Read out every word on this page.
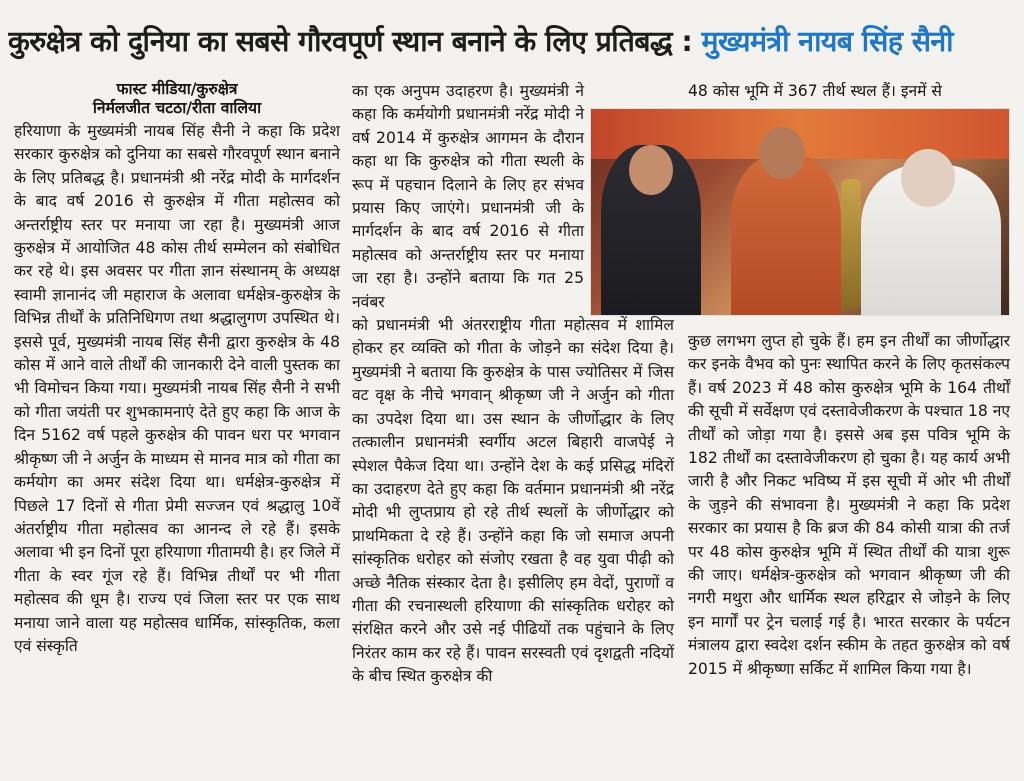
कुरुक्षेत्र को दुनिया का सबसे गौरवपूर्ण स्थान बनाने के लिए प्रतिबद्ध : मुख्यमंत्री नायब सिंह सैनी
फास्ट मीडिया/कुरुक्षेत्र
निर्मलजीत चटठा/रीता वालिया

हरियाणा के मुख्यमंत्री नायब सिंह सैनी ने कहा कि प्रदेश सरकार कुरुक्षेत्र को दुनिया का सबसे गौरवपूर्ण स्थान बनाने के लिए प्रतिबद्ध है। प्रधानमंत्री श्री नरेंद्र मोदी के मार्गदर्शन के बाद वर्ष 2016 से कुरुक्षेत्र में गीता महोत्सव को अन्तर्राष्ट्रीय स्तर पर मनाया जा रहा है। मुख्यमंत्री आज कुरुक्षेत्र में आयोजित 48 कोस तीर्थ सम्मेलन को संबोधित कर रहे थे। इस अवसर पर गीता ज्ञान संस्थानम् के अध्यक्ष स्वामी ज्ञानानंद जी महाराज के अलावा धर्मक्षेत्र-कुरुक्षेत्र के विभिन्न तीर्थों के प्रतिनिधिगण तथा श्रद्धालुगण उपस्थित थे। इससे पूर्व, मुख्यमंत्री नायब सिंह सैनी द्वारा कुरुक्षेत्र के 48 कोस में आने वाले तीर्थों की जानकारी देने वाली पुस्तक का भी विमोचन किया गया। मुख्यमंत्री नायब सिंह सैनी ने सभी को गीता जयंती पर शुभकामनाएं देते हुए कहा कि आज के दिन 5162 वर्ष पहले कुरुक्षेत्र की पावन धरा पर भगवान श्रीकृष्ण जी ने अर्जुन के माध्यम से मानव मात्र को गीता का कर्मयोग का अमर संदेश दिया था। धर्मक्षेत्र-कुरुक्षेत्र में पिछले 17 दिनों से गीता प्रेमी सज्जन एवं श्रद्धालु 10वें अंतर्राष्ट्रीय गीता महोत्सव का आनन्द ले रहे हैं। इसके अलावा भी इन दिनों पूरा हरियाणा गीतामयी है। हर जिले में गीता के स्वर गूंज रहे हैं। विभिन्न तीर्थों पर भी गीता महोत्सव की धूम है। राज्य एवं जिला स्तर पर एक साथ मनाया जाने वाला यह महोत्सव धार्मिक, सांस्कृतिक, कला एवं संस्कृति

का एक अनुपम उदाहरण है। मुख्यमंत्री ने कहा कि कर्मयोगी प्रधानमंत्री नरेंद्र मोदी ने वर्ष 2014 में कुरुक्षेत्र आगमन के दौरान कहा था कि कुरुक्षेत्र को गीता स्थली के रूप में पहचान दिलाने के लिए हर संभव प्रयास किए जाएंगे। प्रधानमंत्री जी के मार्गदर्शन के बाद वर्ष 2016 से गीता महोत्सव को अन्तर्राष्ट्रीय स्तर पर मनाया जा रहा है। उन्होंने बताया कि गत 25 नवंबर

को प्रधानमंत्री भी अंतरराष्ट्रीय गीता महोत्सव में शामिल होकर हर व्यक्ति को गीता के जोड़ने का संदेश दिया है। मुख्यमंत्री ने बताया कि कुरुक्षेत्र के पास ज्योतिसर में जिस वट वृक्ष के नीचे भगवान् श्रीकृष्ण जी ने अर्जुन को गीता का उपदेश दिया था। उस स्थान के जीर्णोद्धार के लिए तत्कालीन प्रधानमंत्री स्वर्गीय अटल बिहारी वाजपेई ने स्पेशल पैकेज दिया था। उन्होंने देश के कई प्रसिद्ध मंदिरों का उदाहरण देते हुए कहा कि वर्तमान प्रधानमंत्री श्री नरेंद्र मोदी भी लुप्तप्राय हो रहे तीर्थ स्थलों के जीर्णोद्धार को प्राथमिकता दे रहे हैं। उन्होंने कहा कि जो समाज अपनी सांस्कृतिक धरोहर को संजोए रखता है वह युवा पीढ़ी को अच्छे नैतिक संस्कार देता है। इसीलिए हम वेदों, पुराणों व गीता की रचनास्थली हरियाणा की सांस्कृतिक धरोहर को संरक्षित करने और उसे नई पीढियों तक पहुंचाने के लिए निरंतर काम कर रहे हैं। पावन सरस्वती एवं दृशद्वती नदियों के बीच स्थित कुरुक्षेत्र की

48 कोस भूमि में 367 तीर्थ स्थल हैं। इनमें से

कुछ लगभग लुप्त हो चुके हैं। हम इन तीर्थों का जीर्णोद्धार कर इनके वैभव को पुनः स्थापित करने के लिए कृतसंकल्प हैं। वर्ष 2023 में 48 कोस कुरुक्षेत्र भूमि के 164 तीर्थों की सूची में सर्वेक्षण एवं दस्तावेजीकरण के पश्चात 18 नए तीर्थों को जोड़ा गया है। इससे अब इस पवित्र भूमि के 182 तीर्थों का दस्तावेजीकरण हो चुका है। यह कार्य अभी जारी है और निकट भविष्य में इस सूची में ओर भी तीर्थों के जुड़ने की संभावना है। मुख्यमंत्री ने कहा कि प्रदेश सरकार का प्रयास है कि ब्रज की 84 कोसी यात्रा की तर्ज पर 48 कोस कुरुक्षेत्र भूमि में स्थित तीर्थों की यात्रा शुरू की जाए। धर्मक्षेत्र-कुरुक्षेत्र को भगवान श्रीकृष्ण जी की नगरी मथुरा और धार्मिक स्थल हरिद्वार से जोड़ने के लिए इन मार्गों पर ट्रेन चलाई गई है। भारत सरकार के पर्यटन मंत्रालय द्वारा स्वदेश दर्शन स्कीम के तहत कुरुक्षेत्र को वर्ष 2015 में श्रीकृष्णा सर्किट में शामिल किया गया है।
